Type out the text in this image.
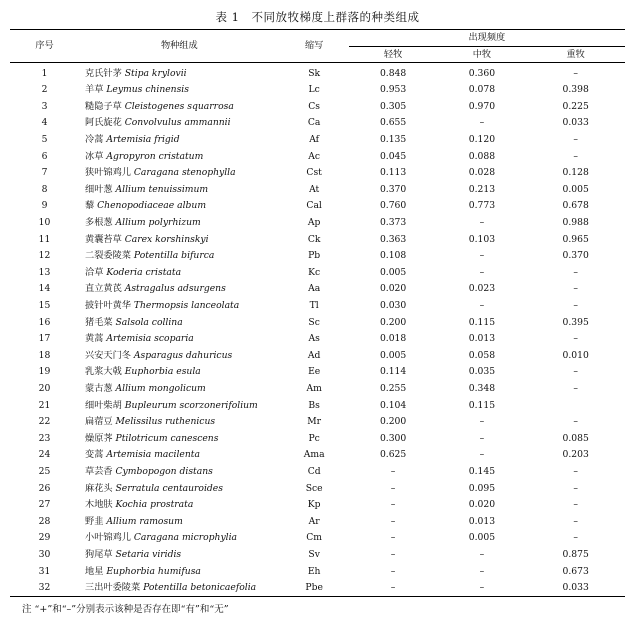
表 1 不同放牧梯度上群落的种类组成
序号	物种组成	缩写	出现频度		
			轻牧	中牧	重牧
1	克氏针茅 Stipa krylovii	Sk	0.848	0.360	–
2	羊草 Leymus chinensis	Lc	0.953	0.078	0.398
3	糙隐子草 Cleistogenes squarrosa	Cs	0.305	0.970	0.225
4	阿氏旋花 Convolvulus ammannii	Ca	0.655	–	0.033
5	冷蒿 Artemisia frigid	Af	0.135	0.120	–
6	冰草 Agropyron cristatum	Ac	0.045	0.088	–
7	狭叶锦鸡儿 Caragana stenophylla	Cst	0.113	0.028	0.128
8	细叶葱 Allium tenuissimum	At	0.370	0.213	0.005
9	藜 Chenopodiaceae album	Cal	0.760	0.773	0.678
10	多根葱 Allium polyrhizum	Ap	0.373	–	0.988
11	黄囊苔草 Carex korshinskyi	Ck	0.363	0.103	0.965
12	二裂委陵菜 Potentilla bifurca	Pb	0.108	–	0.370
13	洽草 Koderia cristata	Kc	0.005	–	–
14	直立黄芪 Astragalus adsurgens	Aa	0.020	0.023	–
15	披针叶黄华 Thermopsis lanceolata	Tl	0.030	–	–
16	猪毛菜 Salsola collina	Sc	0.200	0.115	0.395
17	黄蒿 Artemisia scoparia	As	0.018	0.013	–
18	兴安天门冬 Asparagus dahuricus	Ad	0.005	0.058	0.010
19	乳浆大戟 Euphorbia esula	Ee	0.114	0.035	–
20	蒙古葱 Allium mongolicum	Am	0.255	0.348	–
21	细叶柴胡 Bupleurum scorzonerifolium	Bs	0.104	0.115	
22	扁蓿豆 Melissilus ruthenicus	Mr	0.200	–	–
23	燥原荠 Ptilotricum canescens	Pc	0.300	–	0.085
24	变蒿 Artemisia macilenta	Ama	0.625	–	0.203
25	草芸香 Cymbopogon distans	Cd	–	0.145	–
26	麻花头 Serratula centauroides	Sce	–	0.095	–
27	木地肤 Kochia prostrata	Kp	–	0.020	–
28	野韭 Allium ramosum	Ar	–	0.013	–
29	小叶锦鸡儿 Caragana microphylia	Cm	–	0.005	–
30	狗尾草 Setaria viridis	Sv	–	–	0.875
31	地星 Euphorbia humifusa	Eh	–	–	0.673
32	三出叶委陵菜 Potentilla betonicaefolia	Pbe	–	–	0.033
注 “+”和“–”分别表示该种是否存在即“有”和“无”
